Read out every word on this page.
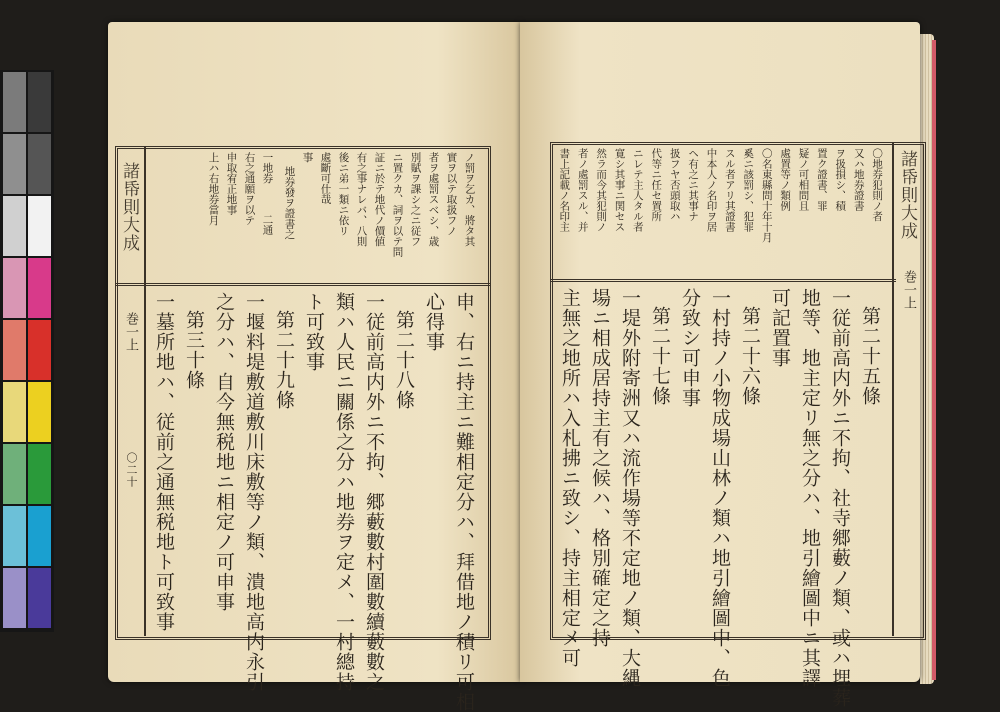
諸帋則大成
巻一上
〇二十
ノ罰ヲ乞カ、將タ其
實ヲ以テ取扱フノ
者ヲ處罰スベシ、歳
別賦ヲ課シ之ニ従フ
ニ置クカ、詞ヲ以テ問
証ニ於テ地代ノ價値
有之事ナレバ、八則
後ニ弟一類ニ依リ
處斷可仕哉
事
地券發ヲ證書之
一地券
二通
右之通願ヲ以テ
申取宥正地事
上ハ右地券當月
申、右ニ持主ニ難相定分ハ、拜借地ノ積リ可相
心得事
第二十八條
一従前高内外ニ不拘、郷藪數村圍數續藪數之
類ハ人民ニ關係之分ハ地券ヲ定メ、一村總持
ト可致事
第二十九條
一堰料堤敷道敷川床敷等ノ類、潰地高内永引
之分ハ、自今無税地ニ相定ノ可申事
第三十條
一墓所地ハ、従前之通無税地ト可致事
諸帋則大成
巻一上
〇地券犯則ノ者
又ハ地券證書
ヲ扱損シ、積
置ク證書、罪
疑ノ可相問且
處置等ノ類例
〇名東縣問十年十月
奚ニ該罰シ、犯罪
スル者アリ其證書
中本人ノ名印ヲ居
ヘ有之ニ其事ナ
扱フヤ否頭取ハ
代等ニ任セ置所
ニレテ主人タル者
寛シ其事ニ関セス
然ラ而今其犯則ノ
者ノ處罰スル、并
書上記載ノ名印主
第二十五條
一従前高内外ニ不拘、社寺郷藪ノ類、或ハ埋葬
地等、地主定リ無之分ハ、地引繪圖中ニ其譯
可記置事
第二十六條
一村持ノ小物成場山林ノ類ハ地引繪圖中、色
分致シ可申事
第二十七條
一堤外附寄洲又ハ流作場等不定地ノ類、大縄
場ニ相成居持主有之候ハ、格別確定之持
主無之地所ハ入札拂ニ致シ、持主相定メ可
